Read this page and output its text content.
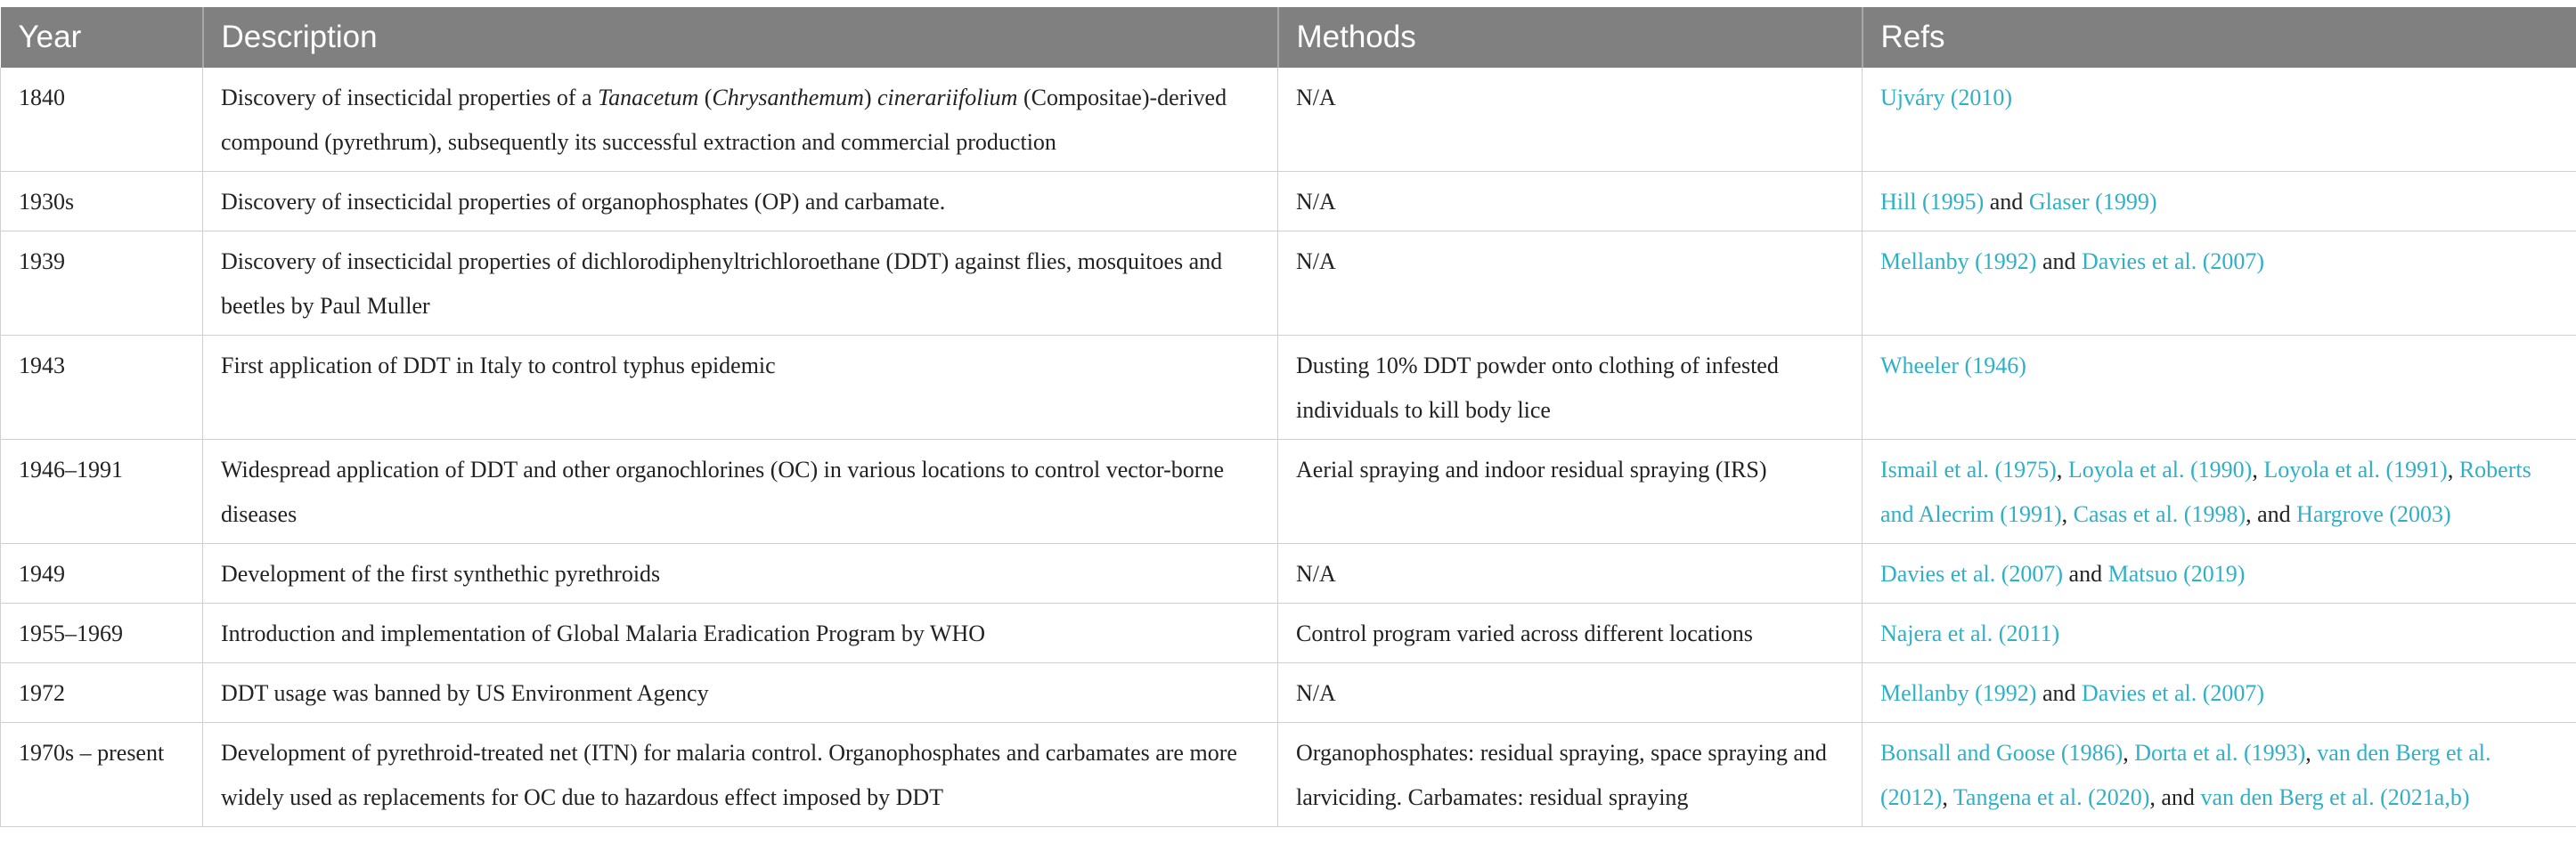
Year	Description	Methods	Refs
1840	Discovery of insecticidal properties of a Tanacetum (Chrysanthemum) cinerariifolium (Compositae)-derived compound (pyrethrum), subsequently its successful extraction and commercial production	N/A	Ujváry (2010)
1930s	Discovery of insecticidal properties of organophosphates (OP) and carbamate.	N/A	Hill (1995) and Glaser (1999)
1939	Discovery of insecticidal properties of dichlorodiphenyltrichloroethane (DDT) against flies, mosquitoes and beetles by Paul Muller	N/A	Mellanby (1992) and Davies et al. (2007)
1943	First application of DDT in Italy to control typhus epidemic	Dusting 10% DDT powder onto clothing of infested individuals to kill body lice	Wheeler (1946)
1946–1991	Widespread application of DDT and other organochlorines (OC) in various locations to control vector-borne diseases	Aerial spraying and indoor residual spraying (IRS)	Ismail et al. (1975), Loyola et al. (1990), Loyola et al. (1991), Roberts and Alecrim (1991), Casas et al. (1998), and Hargrove (2003)
1949	Development of the first synthethic pyrethroids	N/A	Davies et al. (2007) and Matsuo (2019)
1955–1969	Introduction and implementation of Global Malaria Eradication Program by WHO	Control program varied across different locations	Najera et al. (2011)
1972	DDT usage was banned by US Environment Agency	N/A	Mellanby (1992) and Davies et al. (2007)
1970s – present	Development of pyrethroid-treated net (ITN) for malaria control. Organophosphates and carbamates are more widely used as replacements for OC due to hazardous effect imposed by DDT	Organophosphates: residual spraying, space spraying and larviciding. Carbamates: residual spraying	Bonsall and Goose (1986), Dorta et al. (1993), van den Berg et al. (2012), Tangena et al. (2020), and van den Berg et al. (2021a,b)
